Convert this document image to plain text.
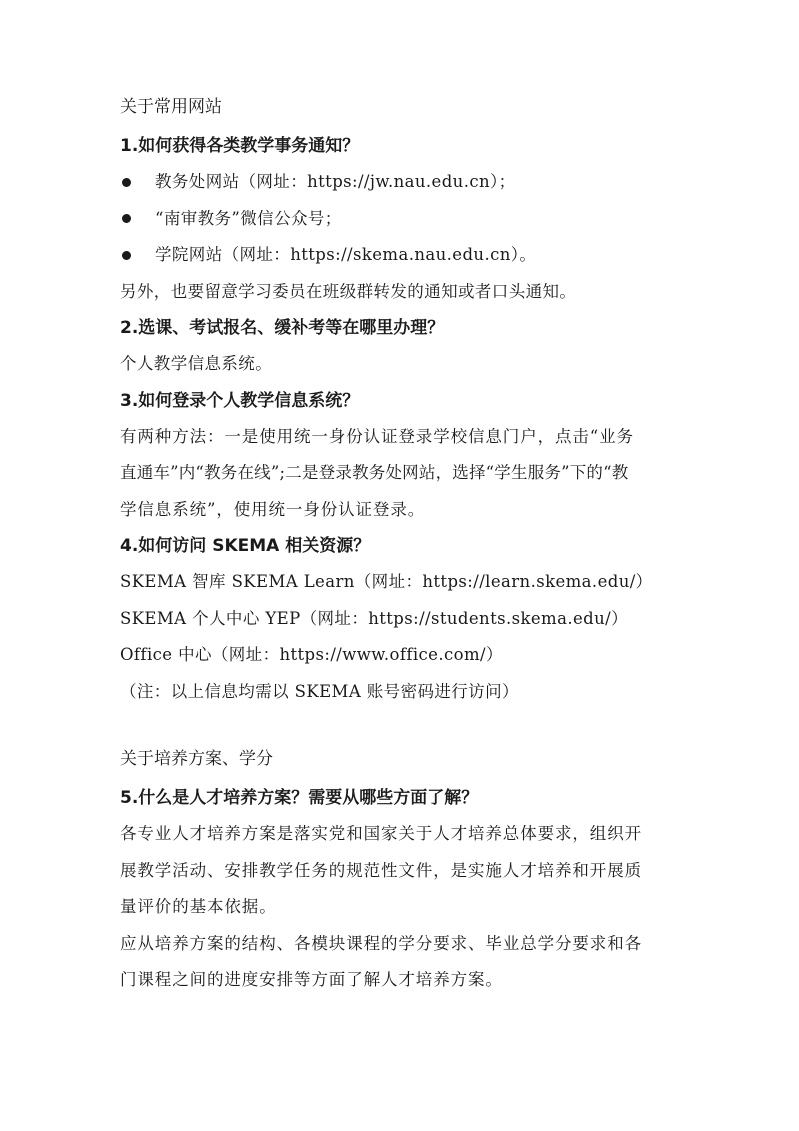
关于常用网站
1.如何获得各类教学事务通知？
教务处网站（网址：https://jw.nau.edu.cn）；
“南审教务”微信公众号；
学院网站（网址：https://skema.nau.edu.cn）。
另外，也要留意学习委员在班级群转发的通知或者口头通知。
2.选课、考试报名、缓补考等在哪里办理？
个人教学信息系统。
3.如何登录个人教学信息系统？
有两种方法：一是使用统一身份认证登录学校信息门户，点击“业务
直通车”内“教务在线”;二是登录教务处网站，选择“学生服务”下的“教
学信息系统”，使用统一身份认证登录。
4.如何访问 SKEMA 相关资源？
SKEMA 智库 SKEMA Learn（网址：https://learn.skema.edu/）
SKEMA 个人中心 YEP（网址：https://students.skema.edu/）
Office 中心（网址：https://www.office.com/）
（注：以上信息均需以 SKEMA 账号密码进行访问）
关于培养方案、学分
5.什么是人才培养方案？需要从哪些方面了解？
各专业人才培养方案是落实党和国家关于人才培养总体要求，组织开
展教学活动、安排教学任务的规范性文件，是实施人才培养和开展质
量评价的基本依据。
应从培养方案的结构、各模块课程的学分要求、毕业总学分要求和各
门课程之间的进度安排等方面了解人才培养方案。
